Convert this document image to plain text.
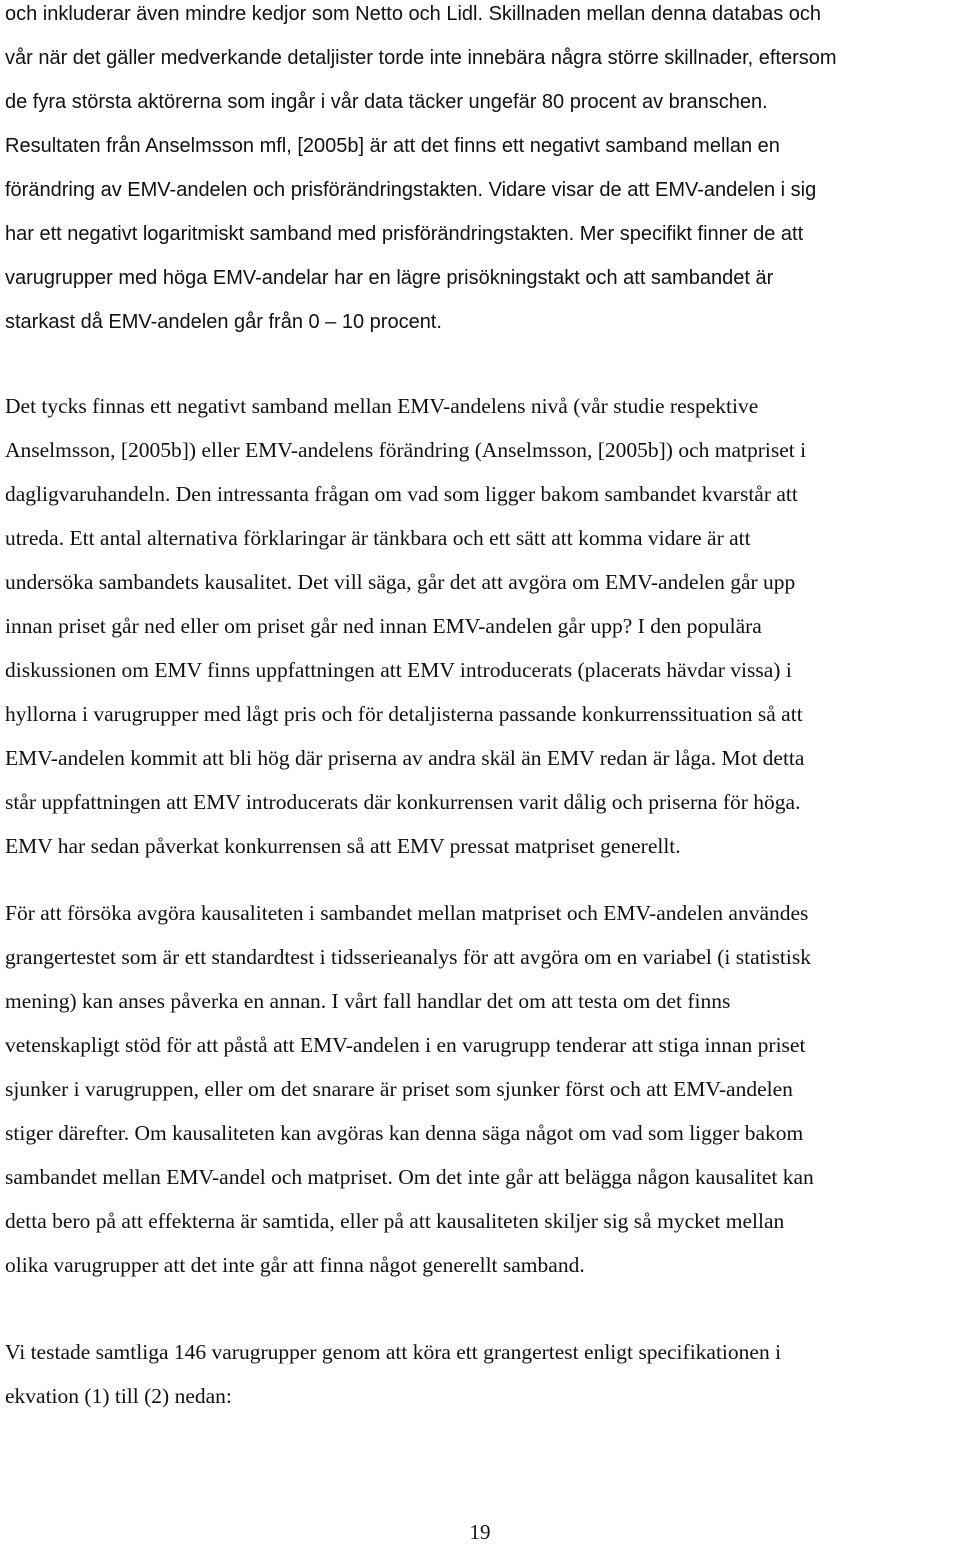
och inkluderar även mindre kedjor som Netto och Lidl. Skillnaden mellan denna databas och
vår när det gäller medverkande detaljister torde inte innebära några större skillnader, eftersom
de fyra största aktörerna som ingår i vår data täcker ungefär 80 procent av branschen.
Resultaten från Anselmsson mfl, [2005b] är att det finns ett negativt samband mellan en
förändring av EMV-andelen och prisförändringstakten. Vidare visar de att EMV-andelen i sig
har ett negativt logaritmiskt samband med prisförändringstakten. Mer specifikt finner de att
varugrupper med höga EMV-andelar har en lägre prisökningstakt och att sambandet är
starkast då EMV-andelen går från 0 – 10 procent.
Det tycks finnas ett negativt samband mellan EMV-andelens nivå (vår studie respektive
Anselmsson, [2005b]) eller EMV-andelens förändring (Anselmsson, [2005b]) och matpriset i
dagligvaruhandeln. Den intressanta frågan om vad som ligger bakom sambandet kvarstår att
utreda. Ett antal alternativa förklaringar är tänkbara och ett sätt att komma vidare är att
undersöka sambandets kausalitet. Det vill säga, går det att avgöra om EMV-andelen går upp
innan priset går ned eller om priset går ned innan EMV-andelen går upp? I den populära
diskussionen om EMV finns uppfattningen att EMV introducerats (placerats hävdar vissa) i
hyllorna i varugrupper med lågt pris och för detaljisterna passande konkurrenssituation så att
EMV-andelen kommit att bli hög där priserna av andra skäl än EMV redan är låga. Mot detta
står uppfattningen att EMV introducerats där konkurrensen varit dålig och priserna för höga.
EMV har sedan påverkat konkurrensen så att EMV pressat matpriset generellt.
För att försöka avgöra kausaliteten i sambandet mellan matpriset och EMV-andelen användes
grangertestet som är ett standardtest i tidsserieanalys för att avgöra om en variabel (i statistisk
mening) kan anses påverka en annan. I vårt fall handlar det om att testa om det finns
vetenskapligt stöd för att påstå att EMV-andelen i en varugrupp tenderar att stiga innan priset
sjunker i varugruppen, eller om det snarare är priset som sjunker först och att EMV-andelen
stiger därefter. Om kausaliteten kan avgöras kan denna säga något om vad som ligger bakom
sambandet mellan EMV-andel och matpriset. Om det inte går att belägga någon kausalitet kan
detta bero på att effekterna är samtida, eller på att kausaliteten skiljer sig så mycket mellan
olika varugrupper att det inte går att finna något generellt samband.
Vi testade samtliga 146 varugrupper genom att köra ett grangertest enligt specifikationen i
ekvation (1) till (2) nedan:
19
